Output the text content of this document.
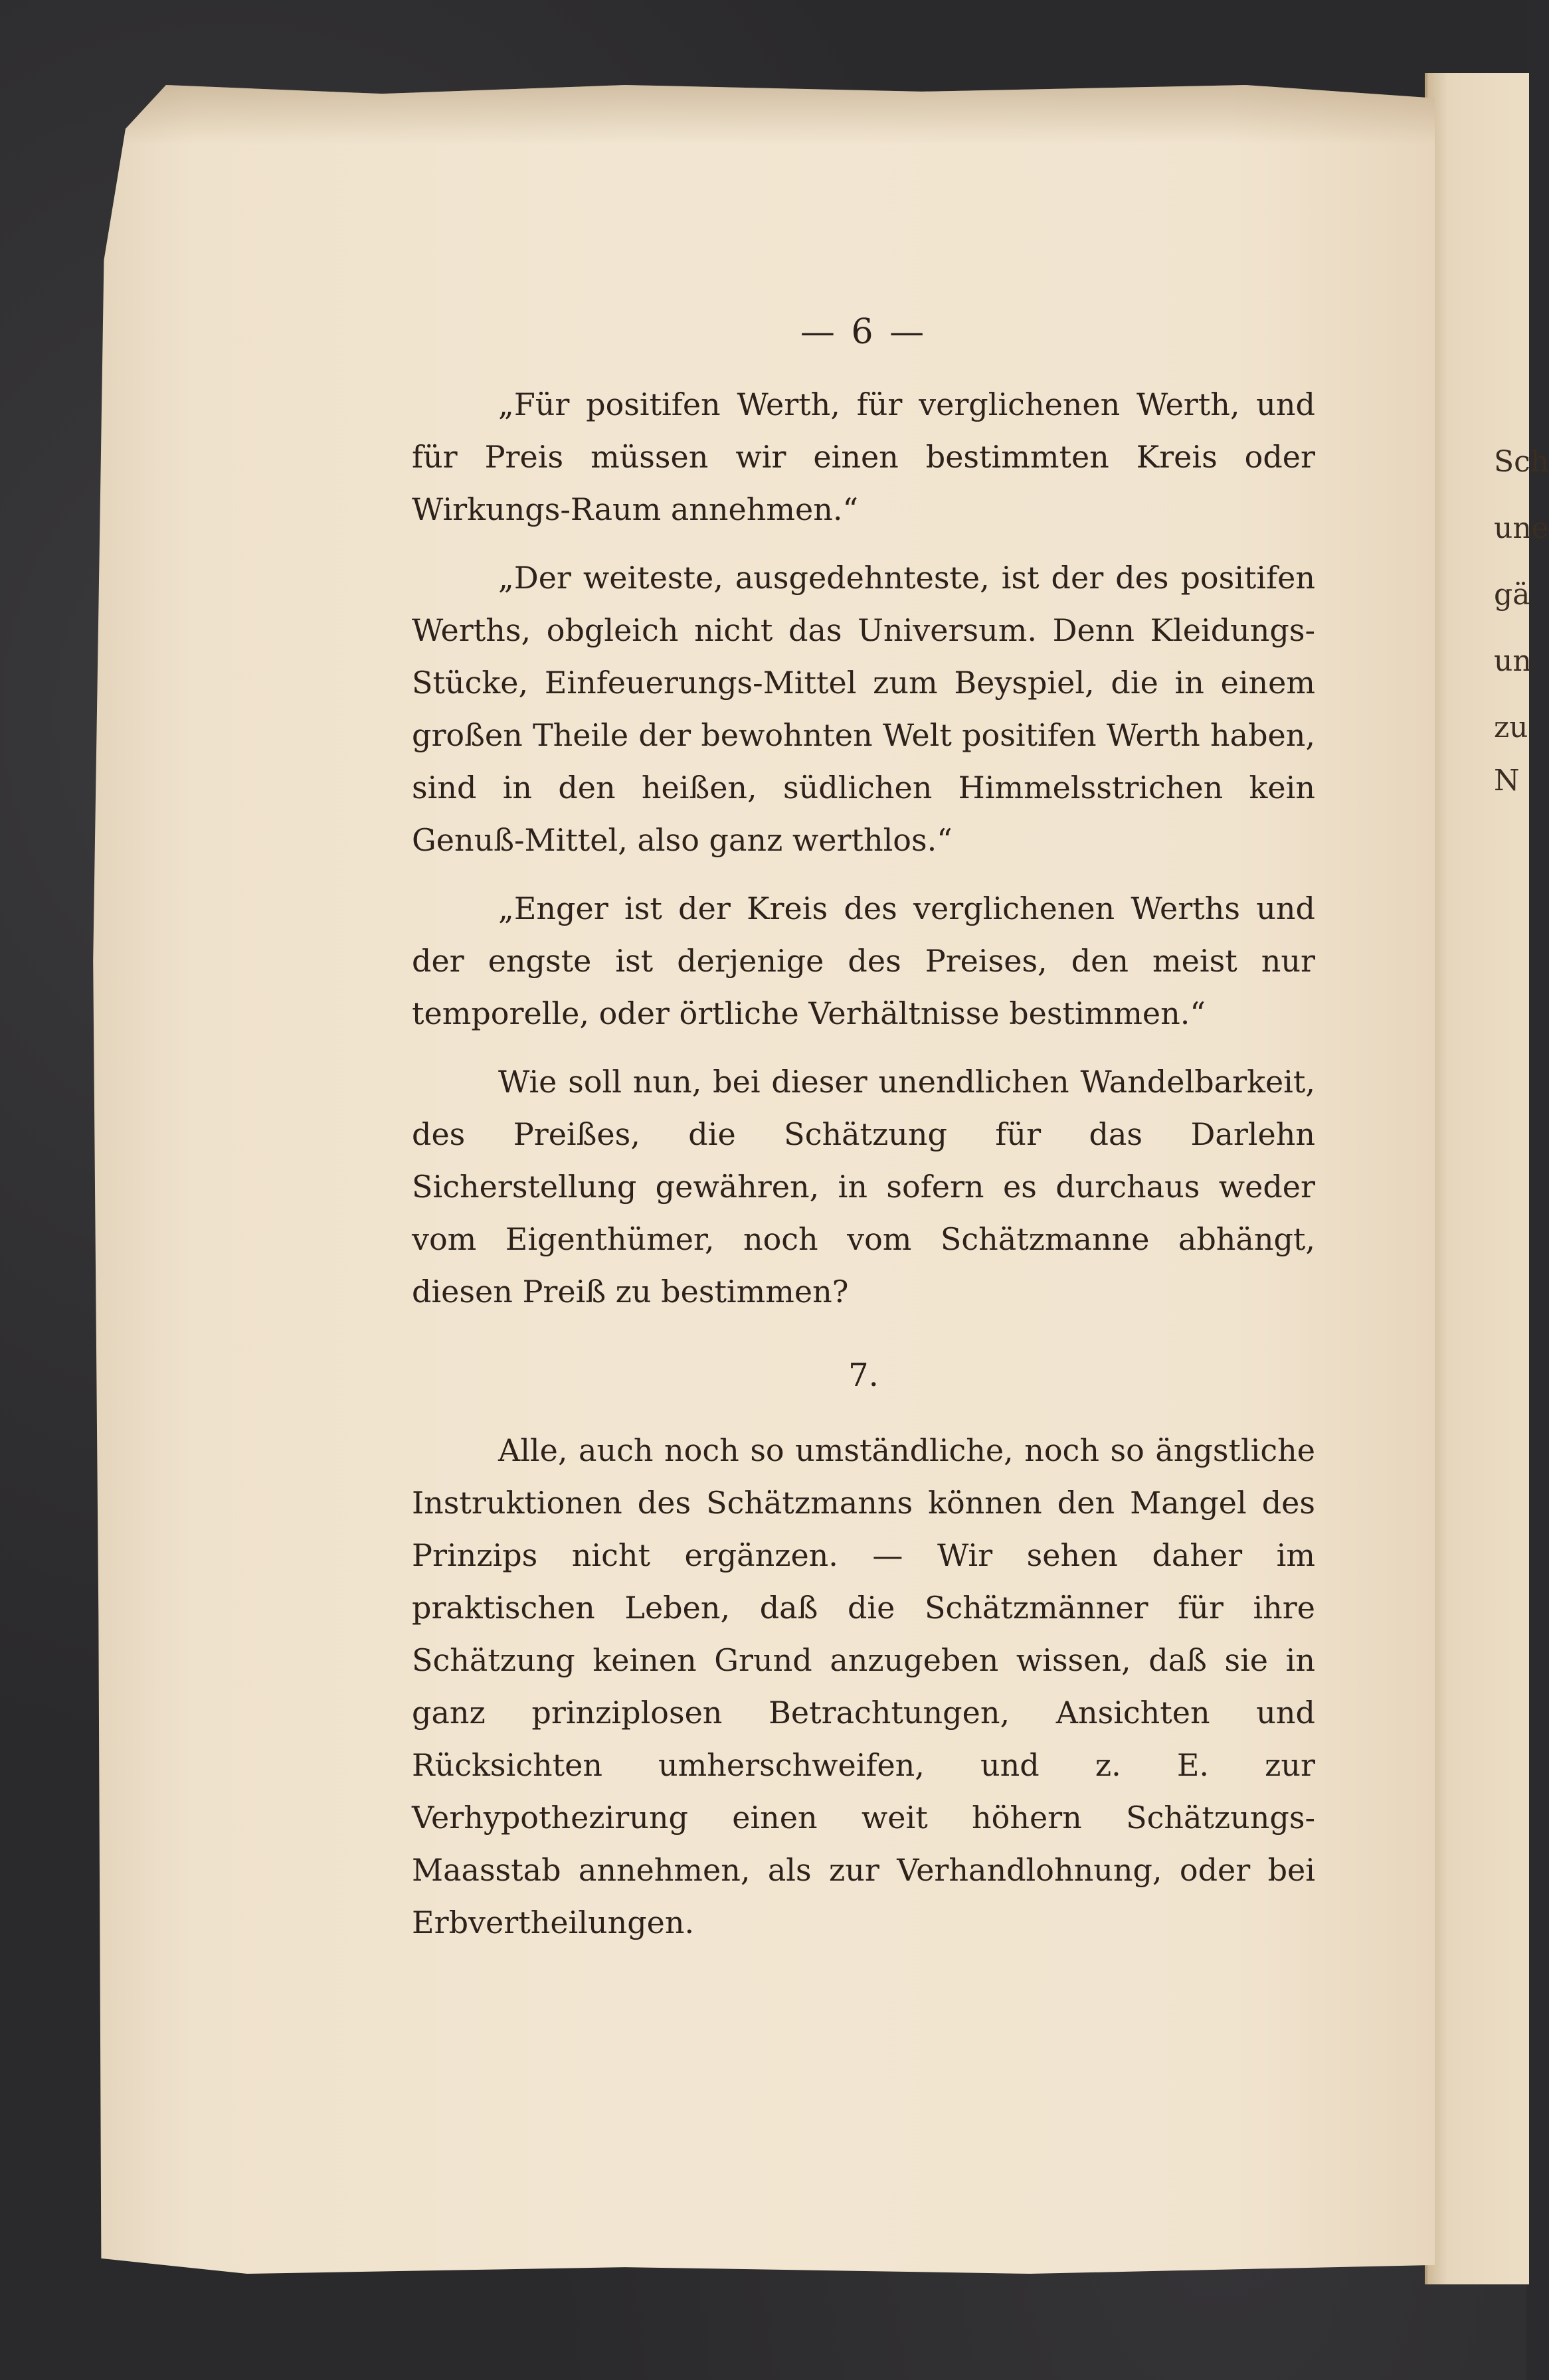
Sch
une
gä
un
zu
N
— 6 —

„Für positifen Werth, für verglichenen Werth, und für Preis müssen wir einen bestimmten Kreis oder Wirkungs-Raum annehmen.“

„Der weiteste, ausgedehnteste, ist der des positifen Werths, obgleich nicht das Universum. Denn Kleidungs-Stücke, Einfeuerungs-Mittel zum Beyspiel, die in einem großen Theile der bewohnten Welt positifen Werth haben, sind in den heißen, südlichen Himmelsstrichen kein Genuß-Mittel, also ganz werthlos.“

„Enger ist der Kreis des verglichenen Werths und der engste ist derjenige des Preises, den meist nur temporelle, oder örtliche Verhältnisse bestimmen.“

Wie soll nun, bei dieser unendlichen Wandelbarkeit, des Preißes, die Schätzung für das Darlehn Sicherstellung gewähren, in sofern es durchaus weder vom Eigenthümer, noch vom Schätzmanne abhängt, diesen Preiß zu bestimmen?

7.

Alle, auch noch so umständliche, noch so ängstliche Instruktionen des Schätzmanns können den Mangel des Prinzips nicht ergänzen. — Wir sehen daher im praktischen Leben, daß die Schätzmänner für ihre Schätzung keinen Grund anzugeben wissen, daß sie in ganz prinziplosen Betrachtungen, Ansichten und Rücksichten umherschweifen, und z. E. zur Verhypothezirung einen weit höhern Schätzungs-Maasstab annehmen, als zur Verhandlohnung, oder bei Erbvertheilungen.
